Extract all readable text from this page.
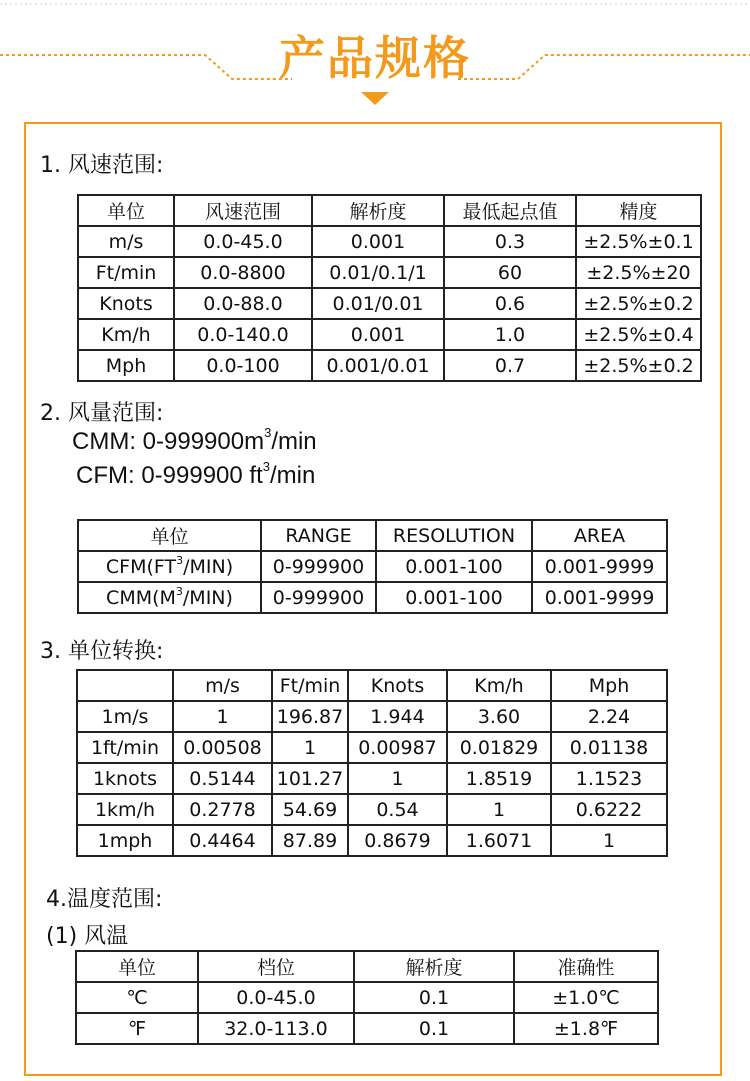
产品规格
1. 风速范围:
单位	风速范围	解析度	最低起点值	精度
m/s	0.0-45.0	0.001	0.3	±2.5%±0.1
Ft/min	0.0-8800	0.01/0.1/1	60	±2.5%±20
Knots	0.0-88.0	0.01/0.01	0.6	±2.5%±0.2
Km/h	0.0-140.0	0.001	1.0	±2.5%±0.4
Mph	0.0-100	0.001/0.01	0.7	±2.5%±0.2
2. 风量范围:
CMM: $0-999900m^3/\min$
CFM: 0-999900 $ft^3/\min$
单位	RANGE	RESOLUTION	AREA
$CFM(FT^3/MIN)$	0-999900	0.001-100	0.001-9999
$CMM(M^3/MIN)$	0-999900	0.001-100	0.001-9999
3. 单位转换:
	m/s	Ft/min	Knots	Km/h	Mph
1m/s	1	196.87	1.944	3.60	2.24
1ft/min	0.00508	1	0.00987	0.01829	0.01138
1knots	0.5144	101.27	1	1.8519	1.1523
1km/h	0.2778	54.69	0.54	1	0.6222
1mph	0.4464	87.89	0.8679	1.6071	1
4.温度范围:
(1) 风温
单位	档位	解析度	准确性
℃	0.0-45.0	0.1	±1.0℃
℉	32.0-113.0	0.1	±1.8℉
